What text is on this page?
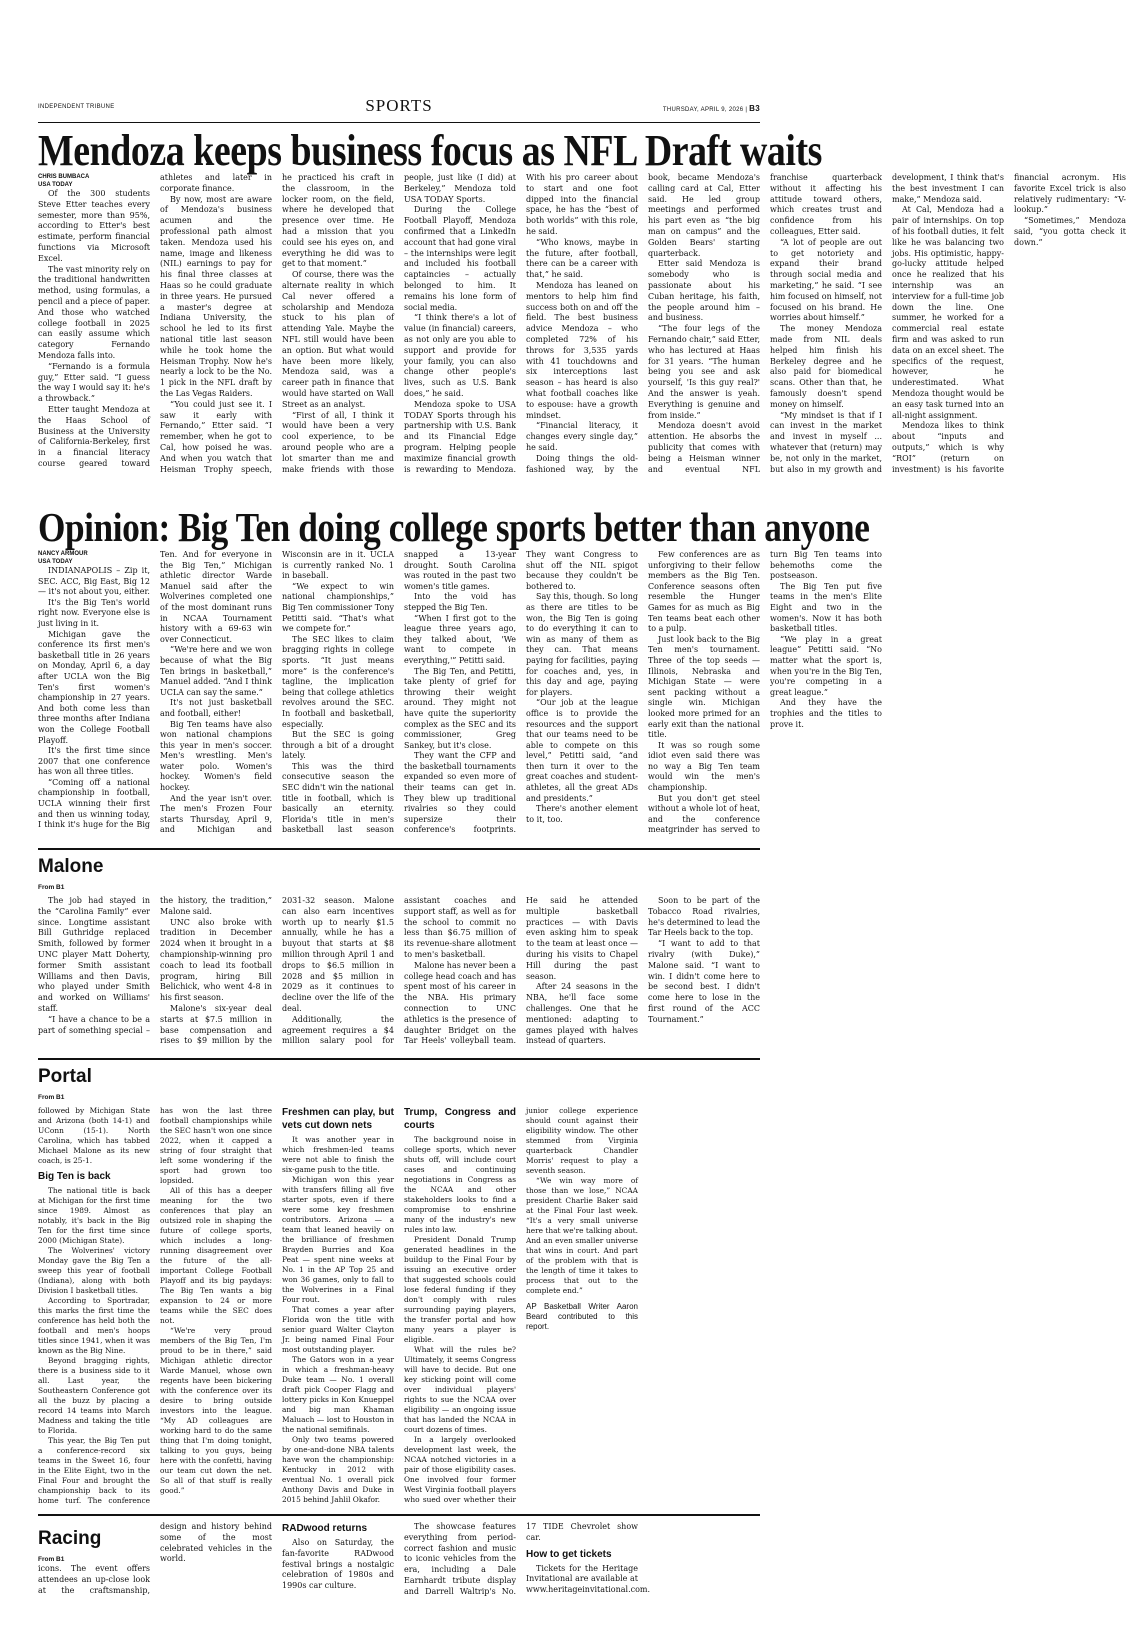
INDEPENDENT TRIBUNE	SPORTS	THURSDAY, APRIL 9, 2026 | B3
Mendoza keeps business focus as NFL Draft waits
CHRIS BUMBACA
USA TODAY

Of the 300 students Steve Etter teaches every semester, more than 95%, according to Etter's best estimate, perform financial functions via Microsoft Excel.

The vast minority rely on the traditional handwritten method, using formulas, a pencil and a piece of paper. And those who watched college football in 2025 can easily assume which category Fernando Mendoza falls into.

“Fernando is a formula guy,” Etter said. “I guess the way I would say it: he's a throwback.”

Etter taught Mendoza at the Haas School of Business at the University of California-Berkeley, first in a financial literacy course geared toward athletes and later in corporate finance.

By now, most are aware of Mendoza's business acumen and the professional path almost taken. Mendoza used his name, image and likeness (NIL) earnings to pay for his final three classes at Haas so he could graduate in three years. He pursued a master's degree at Indiana University, the school he led to its first national title last season while he took home the Heisman Trophy. Now he's nearly a lock to be the No. 1 pick in the NFL draft by the Las Vegas Raiders.

“You could just see it. I saw it early with Fernando,” Etter said. “I remember, when he got to Cal, how poised he was. And when you watch that Heisman Trophy speech, he practiced his craft in the classroom, in the locker room, on the field, where he developed that presence over time. He had a mission that you could see his eyes on, and everything he did was to get to that moment.”

Of course, there was the alternate reality in which Cal never offered a scholarship and Mendoza stuck to his plan of attending Yale. Maybe the NFL still would have been an option. But what would have been more likely, Mendoza said, was a career path in finance that would have started on Wall Street as an analyst.

“First of all, I think it would have been a very cool experience, to be around people who are a lot smarter than me and make friends with those people, just like (I did) at Berkeley,” Mendoza told USA TODAY Sports.

During the College Football Playoff, Mendoza confirmed that a LinkedIn account that had gone viral – the internships were legit and included his football captaincies – actually belonged to him. It remains his lone form of social media.

“I think there's a lot of value (in financial) careers, as not only are you able to support and provide for your family, you can also change other people's lives, such as U.S. Bank does,” he said.

Mendoza spoke to USA TODAY Sports through his partnership with U.S. Bank and its Financial Edge program. Helping people maximize financial growth is rewarding to Mendoza. With his pro career about to start and one foot dipped into the financial space, he has the “best of both worlds” with this role, he said.

“Who knows, maybe in the future, after football, there can be a career with that,” he said.

Mendoza has leaned on mentors to help him find success both on and off the field. The best business advice Mendoza – who completed 72% of his throws for 3,535 yards with 41 touchdowns and six interceptions last season – has heard is also what football coaches like to espouse: have a growth mindset.

“Financial literacy, it changes every single day,” he said.

Doing things the old-fashioned way, by the book, became Mendoza's calling card at Cal, Etter said. He led group meetings and performed his part even as “the big man on campus” and the Golden Bears' starting quarterback.

Etter said Mendoza is somebody who is passionate about his Cuban heritage, his faith, the people around him – and business.

“The four legs of the Fernando chair,” said Etter, who has lectured at Haas for 31 years. “The human being you see and ask yourself, 'Is this guy real?' And the answer is yeah. Everything is genuine and from inside.”

Mendoza doesn't avoid attention. He absorbs the publicity that comes with being a Heisman winner and eventual NFL franchise quarterback without it affecting his attitude toward others, which creates trust and confidence from his colleagues, Etter said.

“A lot of people are out to get notoriety and expand their brand through social media and marketing,” he said. “I see him focused on himself, not focused on his brand. He worries about himself.”

The money Mendoza made from NIL deals helped him finish his Berkeley degree and he also paid for biomedical scans. Other than that, he famously doesn't spend money on himself.

“My mindset is that if I can invest in the market and invest in myself ... whatever that (return) may be, not only in the market, but also in my growth and development, I think that's the best investment I can make,” Mendoza said.

At Cal, Mendoza had a pair of internships. On top of his football duties, it felt like he was balancing two jobs. His optimistic, happy-go-lucky attitude helped once he realized that his internship was an interview for a full-time job down the line. One summer, he worked for a commercial real estate firm and was asked to run data on an excel sheet. The specifics of the request, however, he underestimated. What Mendoza thought would be an easy task turned into an all-night assignment.

Mendoza likes to think about “inputs and outputs,” which is why “ROI” (return on investment) is his favorite financial acronym. His favorite Excel trick is also relatively rudimentary: “V-lookup.”

“Sometimes,” Mendoza said, “you gotta check it down.”

Opinion: Big Ten doing college sports better than anyone
NANCY ARMOUR
USA TODAY

INDIANAPOLIS – Zip it, SEC. ACC, Big East, Big 12 — it's not about you, either.

It's the Big Ten's world right now. Everyone else is just living in it.

Michigan gave the conference its first men's basketball title in 26 years on Monday, April 6, a day after UCLA won the Big Ten's first women's championship in 27 years. And both come less than three months after Indiana won the College Football Playoff.

It's the first time since 2007 that one conference has won all three titles.

“Coming off a national championship in football, UCLA winning their first and then us winning today, I think it's huge for the Big Ten. And for everyone in the Big Ten,” Michigan athletic director Warde Manuel said after the Wolverines completed one of the most dominant runs in NCAA Tournament history with a 69-63 win over Connecticut.

“We're here and we won because of what the Big Ten brings in basketball,” Manuel added. “And I think UCLA can say the same.”

It's not just basketball and football, either!

Big Ten teams have also won national champions this year in men's soccer. Men's wrestling. Men's water polo. Women's hockey. Women's field hockey.

And the year isn't over. The men's Frozen Four starts Thursday, April 9, and Michigan and Wisconsin are in it. UCLA is currently ranked No. 1 in baseball.

“We expect to win national championships,” Big Ten commissioner Tony Petitti said. “That's what we compete for.”

The SEC likes to claim bragging rights in college sports. “It just means more” is the conference's tagline, the implication being that college athletics revolves around the SEC. In football and basketball, especially.

But the SEC is going through a bit of a drought lately.

This was the third consecutive season the SEC didn't win the national title in football, which is basically an eternity. Florida's title in men's basketball last season snapped a 13-year drought. South Carolina was routed in the past two women's title games.

Into the void has stepped the Big Ten.

“When I first got to the league three years ago, they talked about, 'We want to compete in everything,'” Petitti said.

The Big Ten, and Petitti, take plenty of grief for throwing their weight around. They might not have quite the superiority complex as the SEC and its commissioner, Greg Sankey, but it's close.

They want the CFP and the basketball tournaments expanded so even more of their teams can get in. They blew up traditional rivalries so they could supersize their conference's footprints. They want Congress to shut off the NIL spigot because they couldn't be bothered to.

Say this, though. So long as there are titles to be won, the Big Ten is going to do everything it can to win as many of them as they can. That means paying for facilities, paying for coaches and, yes, in this day and age, paying for players.

“Our job at the league office is to provide the resources and the support that our teams need to be able to compete on this level,” Petitti said, “and then turn it over to the great coaches and student-athletes, all the great ADs and presidents.”

There's another element to it, too.

Few conferences are as unforgiving to their fellow members as the Big Ten. Conference seasons often resemble the Hunger Games for as much as Big Ten teams beat each other to a pulp.

Just look back to the Big Ten men's tournament. Three of the top seeds — Illinois, Nebraska and Michigan State — were sent packing without a single win. Michigan looked more primed for an early exit than the national title.

It was so rough some idiot even said there was no way a Big Ten team would win the men's championship.

But you don't get steel without a whole lot of heat, and the conference meatgrinder has served to turn Big Ten teams into behemoths come the postseason.

The Big Ten put five teams in the men's Elite Eight and two in the women's. Now it has both basketball titles.

“We play in a great league” Petitti said. “No matter what the sport is, when you're in the Big Ten, you're competing in a great league.”

And they have the trophies and the titles to prove it.

Malone
From B1

The job had stayed in the “Carolina Family” ever since. Longtime assistant Bill Guthridge replaced Smith, followed by former UNC player Matt Doherty, former Smith assistant Williams and then Davis, who played under Smith and worked on Williams' staff.

“I have a chance to be a part of something special – the history, the tradition,” Malone said.

UNC also broke with tradition in December 2024 when it brought in a championship-winning pro coach to lead its football program, hiring Bill Belichick, who went 4-8 in his first season.

Malone's six-year deal starts at $7.5 million in base compensation and rises to $9 million by the 2031-32 season. Malone can also earn incentives worth up to nearly $1.5 annually, while he has a buyout that starts at $8 million through April 1 and drops to $6.5 million in 2028 and $5 million in 2029 as it continues to decline over the life of the deal.

Additionally, the agreement requires a $4 million salary pool for assistant coaches and support staff, as well as for the school to commit no less than $6.75 million of its revenue-share allotment to men's basketball.

Malone has never been a college head coach and has spent most of his career in the NBA. His primary connection to UNC athletics is the presence of daughter Bridget on the Tar Heels' volleyball team. He said he attended multiple basketball practices — with Davis even asking him to speak to the team at least once — during his visits to Chapel Hill during the past season.

After 24 seasons in the NBA, he'll face some challenges. One that he mentioned: adapting to games played with halves instead of quarters.

Soon to be part of the Tobacco Road rivalries, he's determined to lead the Tar Heels back to the top.

“I want to add to that rivalry (with Duke),” Malone said. “I want to win. I didn't come here to be second best. I didn't come here to lose in the first round of the ACC Tournament.”

Portal
From B1

followed by Michigan State and Arizona (both 14-1) and UConn (15-1). North Carolina, which has tabbed Michael Malone as its new coach, is 25-1.

Big Ten is back

The national title is back at Michigan for the first time since 1989. Almost as notably, it's back in the Big Ten for the first time since 2000 (Michigan State).

The Wolverines' victory Monday gave the Big Ten a sweep this year of football (Indiana), along with both Division I basketball titles.

According to Sportradar, this marks the first time the conference has held both the football and men's hoops titles since 1941, when it was known as the Big Nine.

Beyond bragging rights, there is a business side to it all. Last year, the Southeastern Conference got all the buzz by placing a record 14 teams into March Madness and taking the title to Florida.

This year, the Big Ten put a conference-record six teams in the Sweet 16, four in the Elite Eight, two in the Final Four and brought the championship back to its home turf. The conference has won the last three football championships while the SEC hasn't won one since 2022, when it capped a string of four straight that left some wondering if the sport had grown too lopsided.

All of this has a deeper meaning for the two conferences that play an outsized role in shaping the future of college sports, which includes a long-running disagreement over the future of the all-important College Football Playoff and its big paydays: The Big Ten wants a big expansion to 24 or more teams while the SEC does not.

“We're very proud members of the Big Ten, I'm proud to be in there,” said Michigan athletic director Warde Manuel, whose own regents have been bickering with the conference over its desire to bring outside investors into the league. “My AD colleagues are working hard to do the same thing that I'm doing tonight, talking to you guys, being here with the confetti, having our team cut down the net. So all of that stuff is really good.”

Freshmen can play, but vets cut down nets

It was another year in which freshmen-led teams were not able to finish the six-game push to the title.

Michigan won this year with transfers filling all five starter spots, even if there were some key freshmen contributors. Arizona — a team that leaned heavily on the brilliance of freshmen Brayden Burries and Koa Peat — spent nine weeks at No. 1 in the AP Top 25 and won 36 games, only to fall to the Wolverines in a Final Four rout.

That comes a year after Florida won the title with senior guard Walter Clayton Jr. being named Final Four most outstanding player.

The Gators won in a year in which a freshman-heavy Duke team — No. 1 overall draft pick Cooper Flagg and lottery picks in Kon Knueppel and big man Khaman Maluach — lost to Houston in the national semifinals.

Only two teams powered by one-and-done NBA talents have won the championship: Kentucky in 2012 with eventual No. 1 overall pick Anthony Davis and Duke in 2015 behind Jahlil Okafor.

Trump, Congress and courts

The background noise in college sports, which never shuts off, will include court cases and continuing negotiations in Congress as the NCAA and other stakeholders looks to find a compromise to enshrine many of the industry's new rules into law.

President Donald Trump generated headlines in the buildup to the Final Four by issuing an executive order that suggested schools could lose federal funding if they don't comply with rules surrounding paying players, the transfer portal and how many years a player is eligible.

What will the rules be? Ultimately, it seems Congress will have to decide. But one key sticking point will come over individual players' rights to sue the NCAA over eligibility — an ongoing issue that has landed the NCAA in court dozens of times.

In a largely overlooked development last week, the NCAA notched victories in a pair of those eligibility cases. One involved four former West Virginia football players who sued over whether their junior college experience should count against their eligibility window. The other stemmed from Virginia quarterback Chandler Morris' request to play a seventh season.

“We win way more of those than we lose,” NCAA president Charlie Baker said at the Final Four last week. “It's a very small universe here that we're talking about. And an even smaller universe that wins in court. And part of the problem with that is the length of time it takes to process that out to the complete end.”

AP Basketball Writer Aaron Beard contributed to this report.

Racing
From B1

icons. The event offers attendees an up-close look at the craftsmanship, design and history behind some of the most celebrated vehicles in the world.

RADwood returns

Also on Saturday, the fan-favorite RADwood festival brings a nostalgic celebration of 1980s and 1990s car culture.

The showcase features everything from period-correct fashion and music to iconic vehicles from the era, including a Dale Earnhardt tribute display and Darrell Waltrip's No. 17 TIDE Chevrolet show car.

How to get tickets

Tickets for the Heritage Invitational are available at www.heritageinvitational.com.
